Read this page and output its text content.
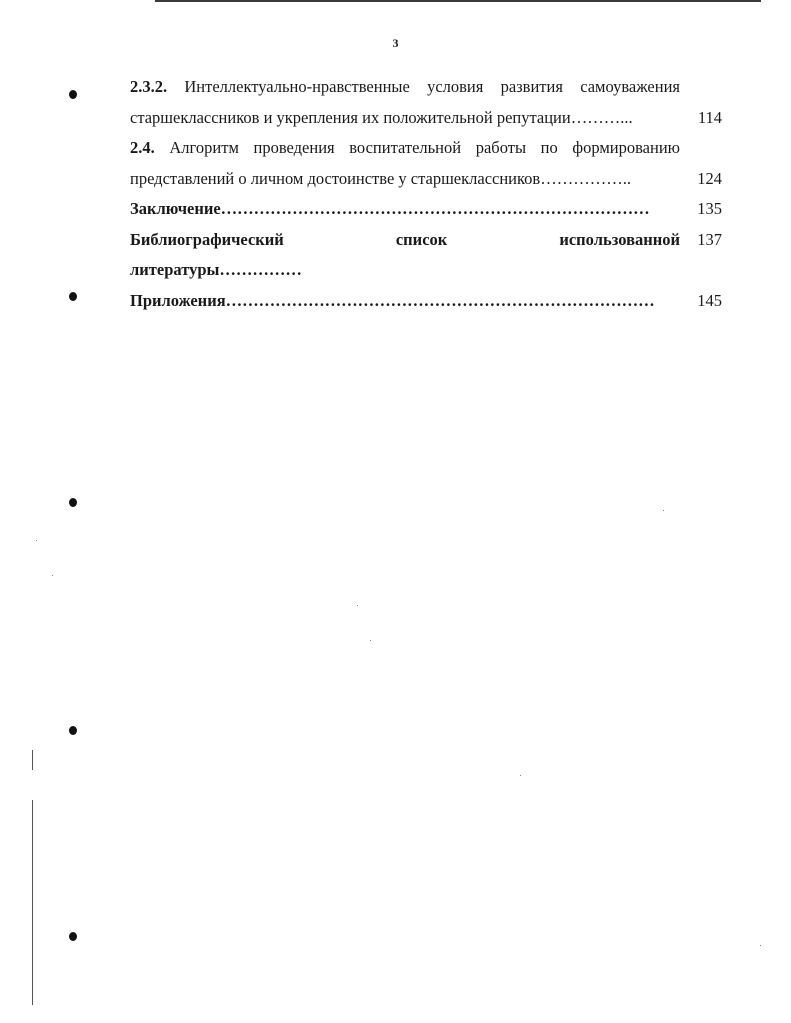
3
2.3.2. Интеллектуально-нравственные условия развития самоуважения
старшеклассников и укрепления их положительной репутации………...	114
2.4. Алгоритм проведения воспитательной работы по формированию
представлений о личном достоинстве у старшеклассников……………..	124
Заключение……………………………………………………………………	135
Библиографический список использованной	137
литературы……………
Приложения……………………………………………………………………	145
